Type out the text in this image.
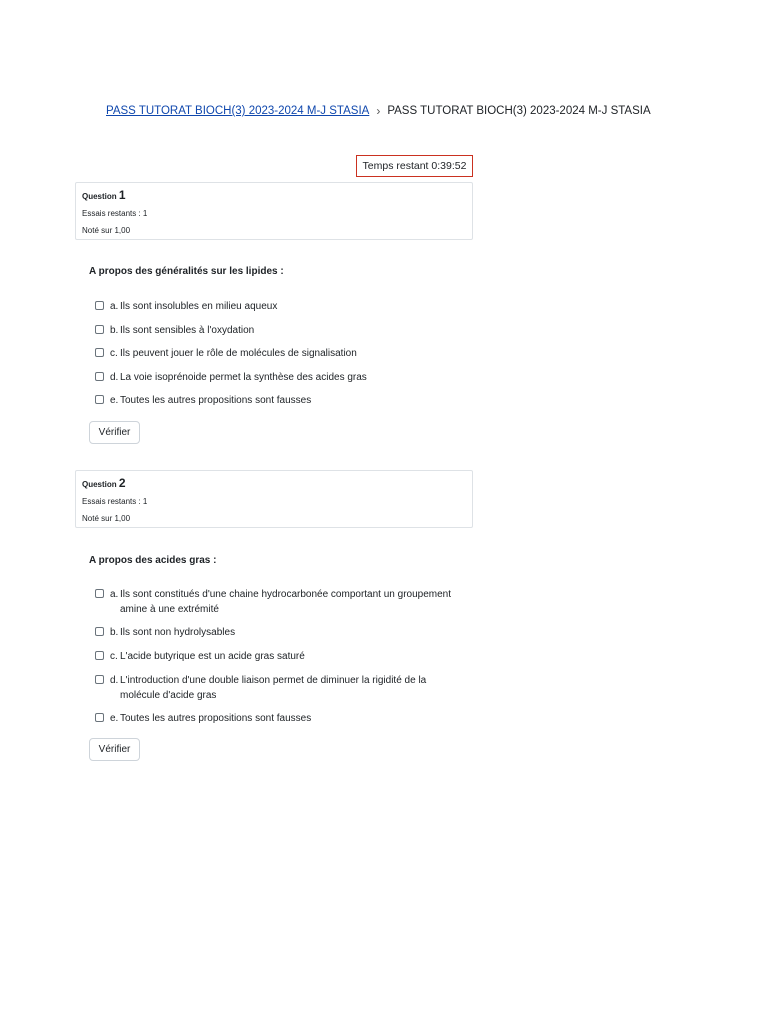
PASS TUTORAT BIOCH(3) 2023-2024 M-J STASIA › PASS TUTORAT BIOCH(3) 2023-2024 M-J STASIA
Temps restant
0:39:52
Question 1
Essais restants : 1
Noté sur 1,00
A propos des généralités sur les lipides :
a. Ils sont insolubles en milieu aqueux
b. Ils sont sensibles à l'oxydation
c. Ils peuvent jouer le rôle de molécules de signalisation
d. La voie isoprénoide permet la synthèse des acides gras
e. Toutes les autres propositions sont fausses
Vérifier
Question 2
Essais restants : 1
Noté sur 1,00
A propos des acides gras :
a. Ils sont constitués d'une chaine hydrocarbonée comportant un groupement amine à une extrémité
b. Ils sont non hydrolysables
c. L'acide butyrique est un acide gras saturé
d. L'introduction d'une double liaison permet de diminuer la rigidité de la molécule d'acide gras
e. Toutes les autres propositions sont fausses
Vérifier
